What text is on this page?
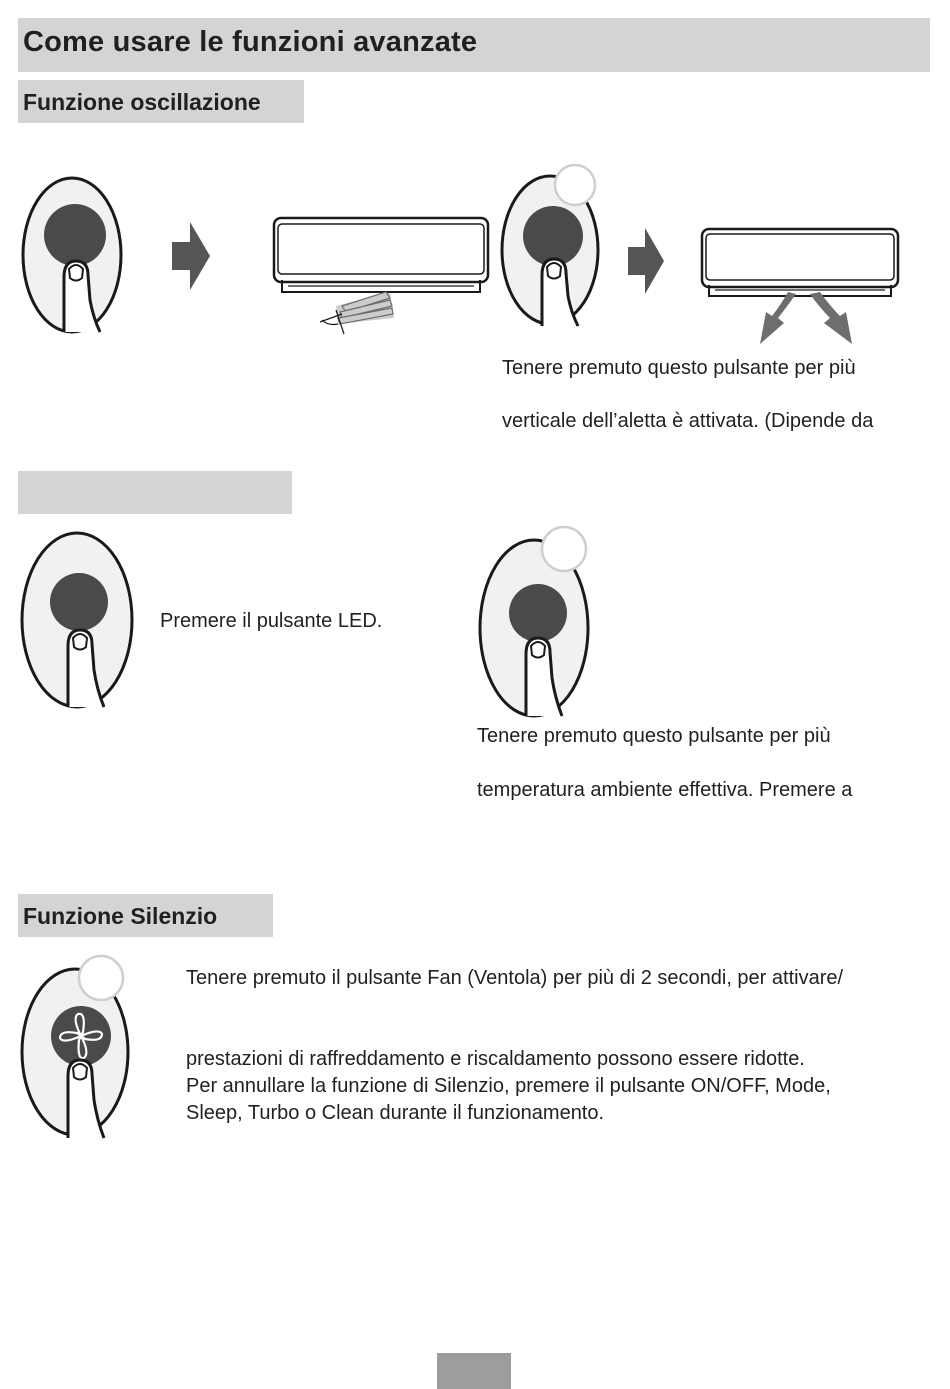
Come usare le funzioni avanzate
Funzione oscillazione
Tenere premuto questo pulsante per più
verticale dell’aletta è attivata. (Dipende da
Premere il pulsante LED.
Tenere premuto questo pulsante per più
temperatura ambiente effettiva. Premere a
Funzione Silenzio
Tenere premuto il pulsante Fan (Ventola) per più di 2 secondi, per attivare/
prestazioni di raffreddamento e riscaldamento possono essere ridotte.
Per annullare la funzione di Silenzio, premere il pulsante ON/OFF, Mode,
Sleep, Turbo o Clean durante il funzionamento.
